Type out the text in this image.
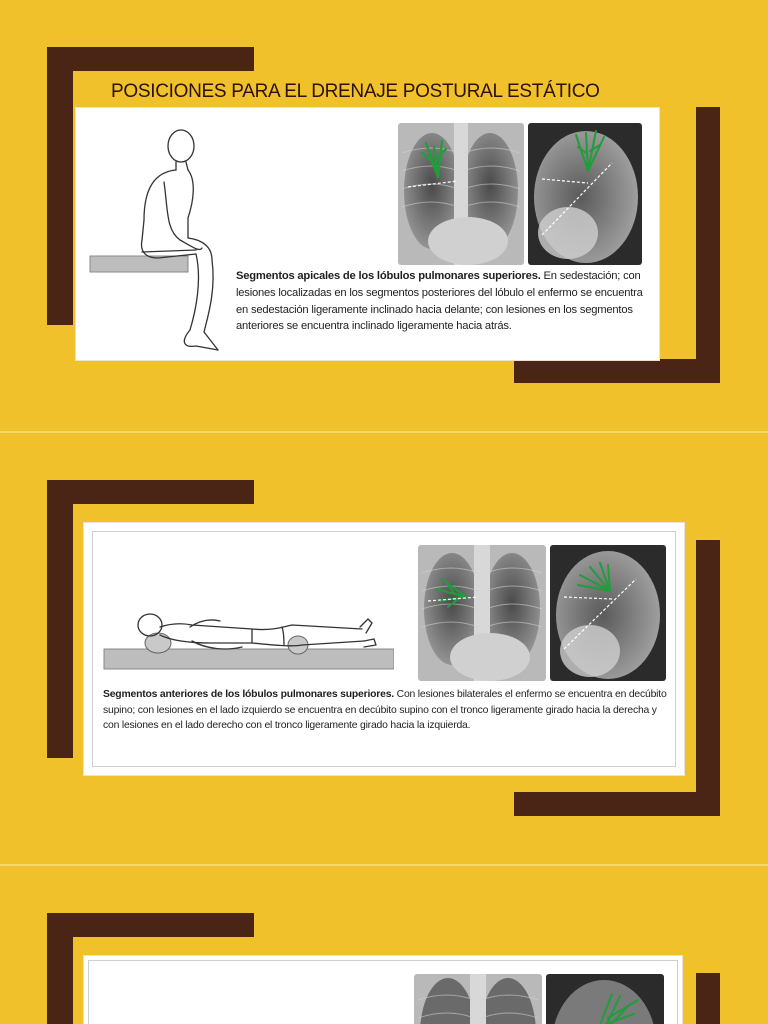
POSICIONES PARA EL DRENAJE POSTURAL ESTÁTICO
Segmentos apicales de los lóbulos pulmonares superiores. En sedestación; con lesiones localizadas en los segmentos posteriores del lóbulo el enfermo se encuentra en sedestación ligeramente inclinado hacia delante; con lesiones en los segmentos anteriores se encuentra inclinado ligeramente hacia atrás.
Segmentos anteriores de los lóbulos pulmonares superiores. Con lesiones bilaterales el enfermo se encuentra en decúbito supino; con lesiones en el lado izquierdo se encuentra en decúbito supino con el tronco ligeramente girado hacia la derecha y con lesiones en el lado derecho con el tronco ligeramente girado hacia la izquierda.
